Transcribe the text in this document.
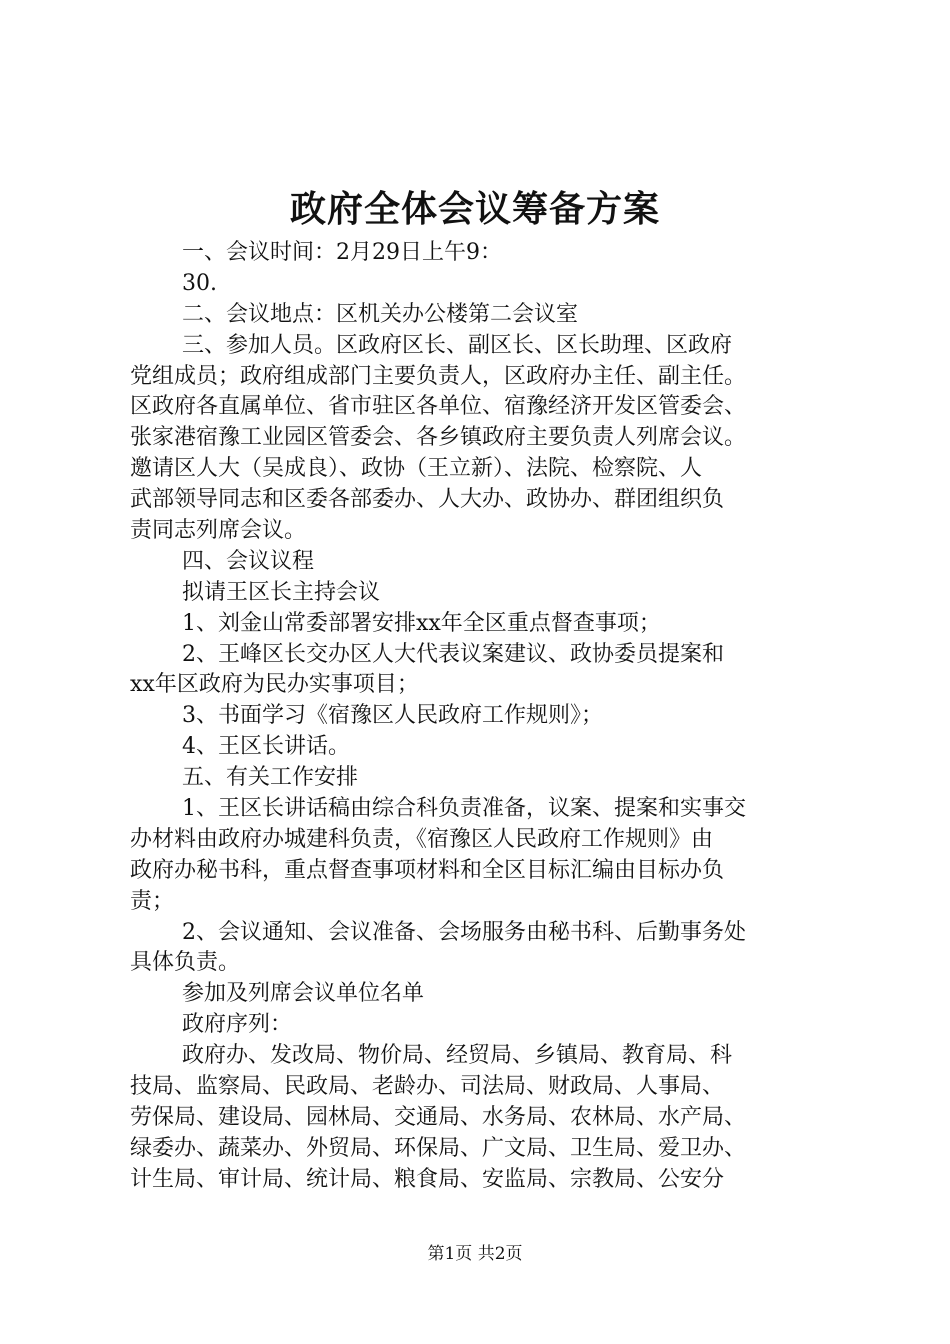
政府全体会议筹备方案
一、会议时间：2月29日上午9：
30.
二、会议地点：区机关办公楼第二会议室
三、参加人员。区政府区长、副区长、区长助理、区政府
党组成员；政府组成部门主要负责人，区政府办主任、副主任。
区政府各直属单位、省市驻区各单位、宿豫经济开发区管委会、
张家港宿豫工业园区管委会、各乡镇政府主要负责人列席会议。
邀请区人大（吴成良）、政协（王立新）、法院、检察院、人
武部领导同志和区委各部委办、人大办、政协办、群团组织负
责同志列席会议。
四、会议议程
拟请王区长主持会议
1、刘金山常委部署安排xx年全区重点督查事项；
2、王峰区长交办区人大代表议案建议、政协委员提案和
xx年区政府为民办实事项目；
3、书面学习《宿豫区人民政府工作规则》；
4、王区长讲话。
五、有关工作安排
1、王区长讲话稿由综合科负责准备，议案、提案和实事交
办材料由政府办城建科负责，《宿豫区人民政府工作规则》由
政府办秘书科，重点督查事项材料和全区目标汇编由目标办负
责；
2、会议通知、会议准备、会场服务由秘书科、后勤事务处
具体负责。
参加及列席会议单位名单
政府序列：
政府办、发改局、物价局、经贸局、乡镇局、教育局、科
技局、监察局、民政局、老龄办、司法局、财政局、人事局、
劳保局、建设局、园林局、交通局、水务局、农林局、水产局、
绿委办、蔬菜办、外贸局、环保局、广文局、卫生局、爱卫办、
计生局、审计局、统计局、粮食局、安监局、宗教局、公安分
第1页 共2页
